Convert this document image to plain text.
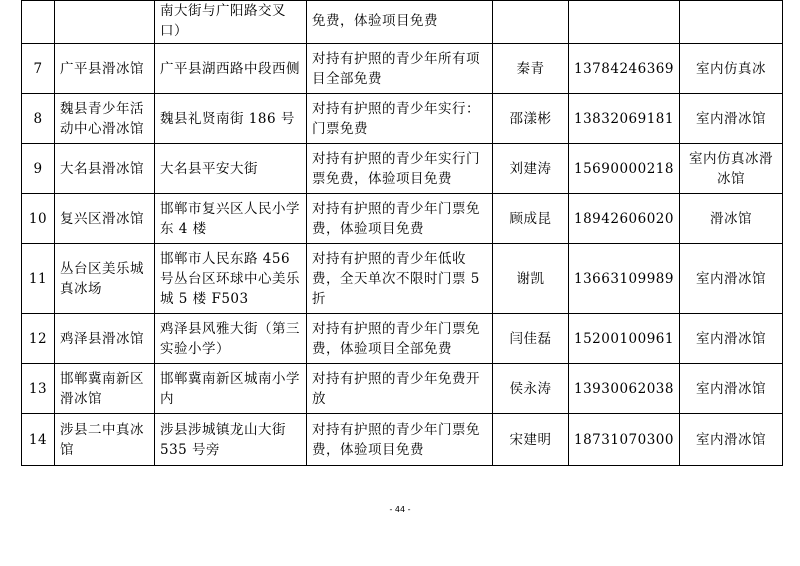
		南大街与广阳路交叉口）	免费，体验项目免费			
7	广平县滑冰馆	广平县湖西路中段西侧	对持有护照的青少年所有项目全部免费	秦青	13784246369	室内仿真冰
8	魏县青少年活动中心滑冰馆	魏县礼贤南街 186 号	对持有护照的青少年实行：门票免费	邵漾彬	13832069181	室内滑冰馆
9	大名县滑冰馆	大名县平安大街	对持有护照的青少年实行门票免费，体验项目免费	刘建涛	15690000218	室内仿真冰滑冰馆
10	复兴区滑冰馆	邯郸市复兴区人民小学东 4 楼	对持有护照的青少年门票免费，体验项目免费	顾成昆	18942606020	滑冰馆
11	丛台区美乐城真冰场	邯郸市人民东路 456 号丛台区环球中心美乐城 5 楼 F503	对持有护照的青少年低收费，全天单次不限时门票 5 折	谢凯	13663109989	室内滑冰馆
12	鸡泽县滑冰馆	鸡泽县风雅大街（第三实验小学）	对持有护照的青少年门票免费，体验项目全部免费	闫佳磊	15200100961	室内滑冰馆
13	邯郸冀南新区滑冰馆	邯郸冀南新区城南小学内	对持有护照的青少年免费开放	侯永涛	13930062038	室内滑冰馆
14	涉县二中真冰馆	涉县涉城镇龙山大街 535 号旁	对持有护照的青少年门票免费，体验项目免费	宋建明	18731070300	室内滑冰馆
- 44 -
